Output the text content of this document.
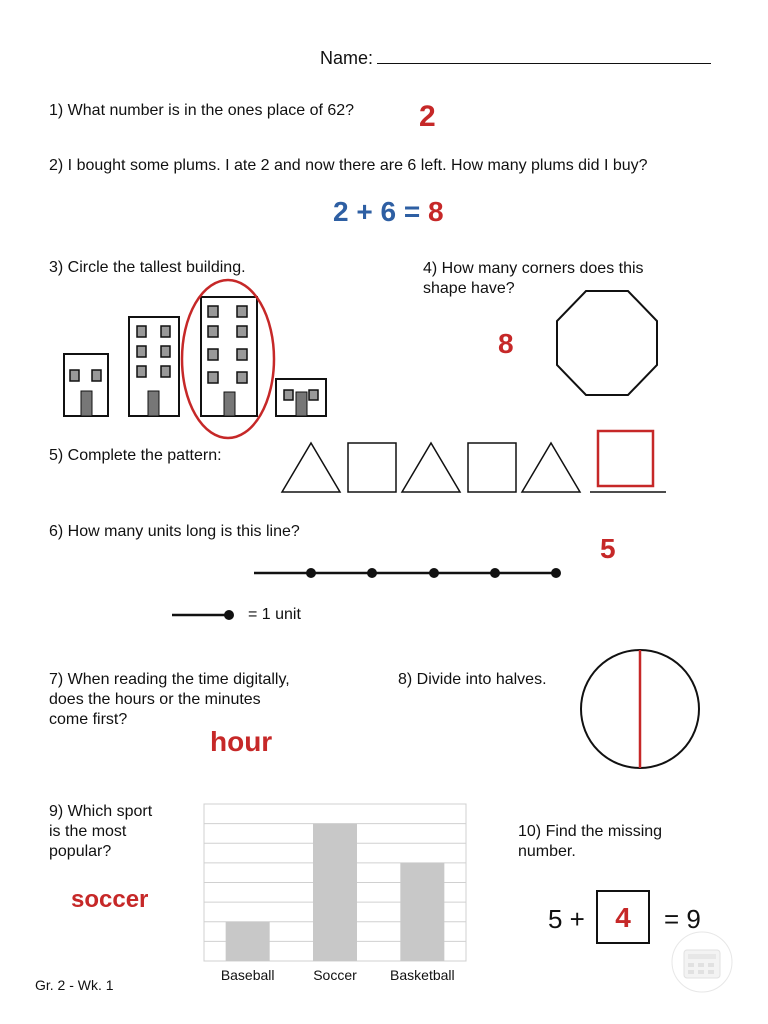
Name:
1) What number is in the ones place of 62? 2
2) I bought some plums. I ate 2 and now there are 6 left. How many plums did I buy?
2 + 6 = 8
3) Circle the tallest building.	4) How many corners does this
shape have?
8
5) Complete the pattern:
6) How many units long is this line?
5
= 1 unit
7) When reading the time digitally,
does the hours or the minutes
come first?
hour
8) Divide into halves.
9) Which sport
is the most
popular?
soccer
Baseball	Soccer Basketball
10) Find the missing
number.
5 +	4	= 9
Gr. 2 - Wk. 1
